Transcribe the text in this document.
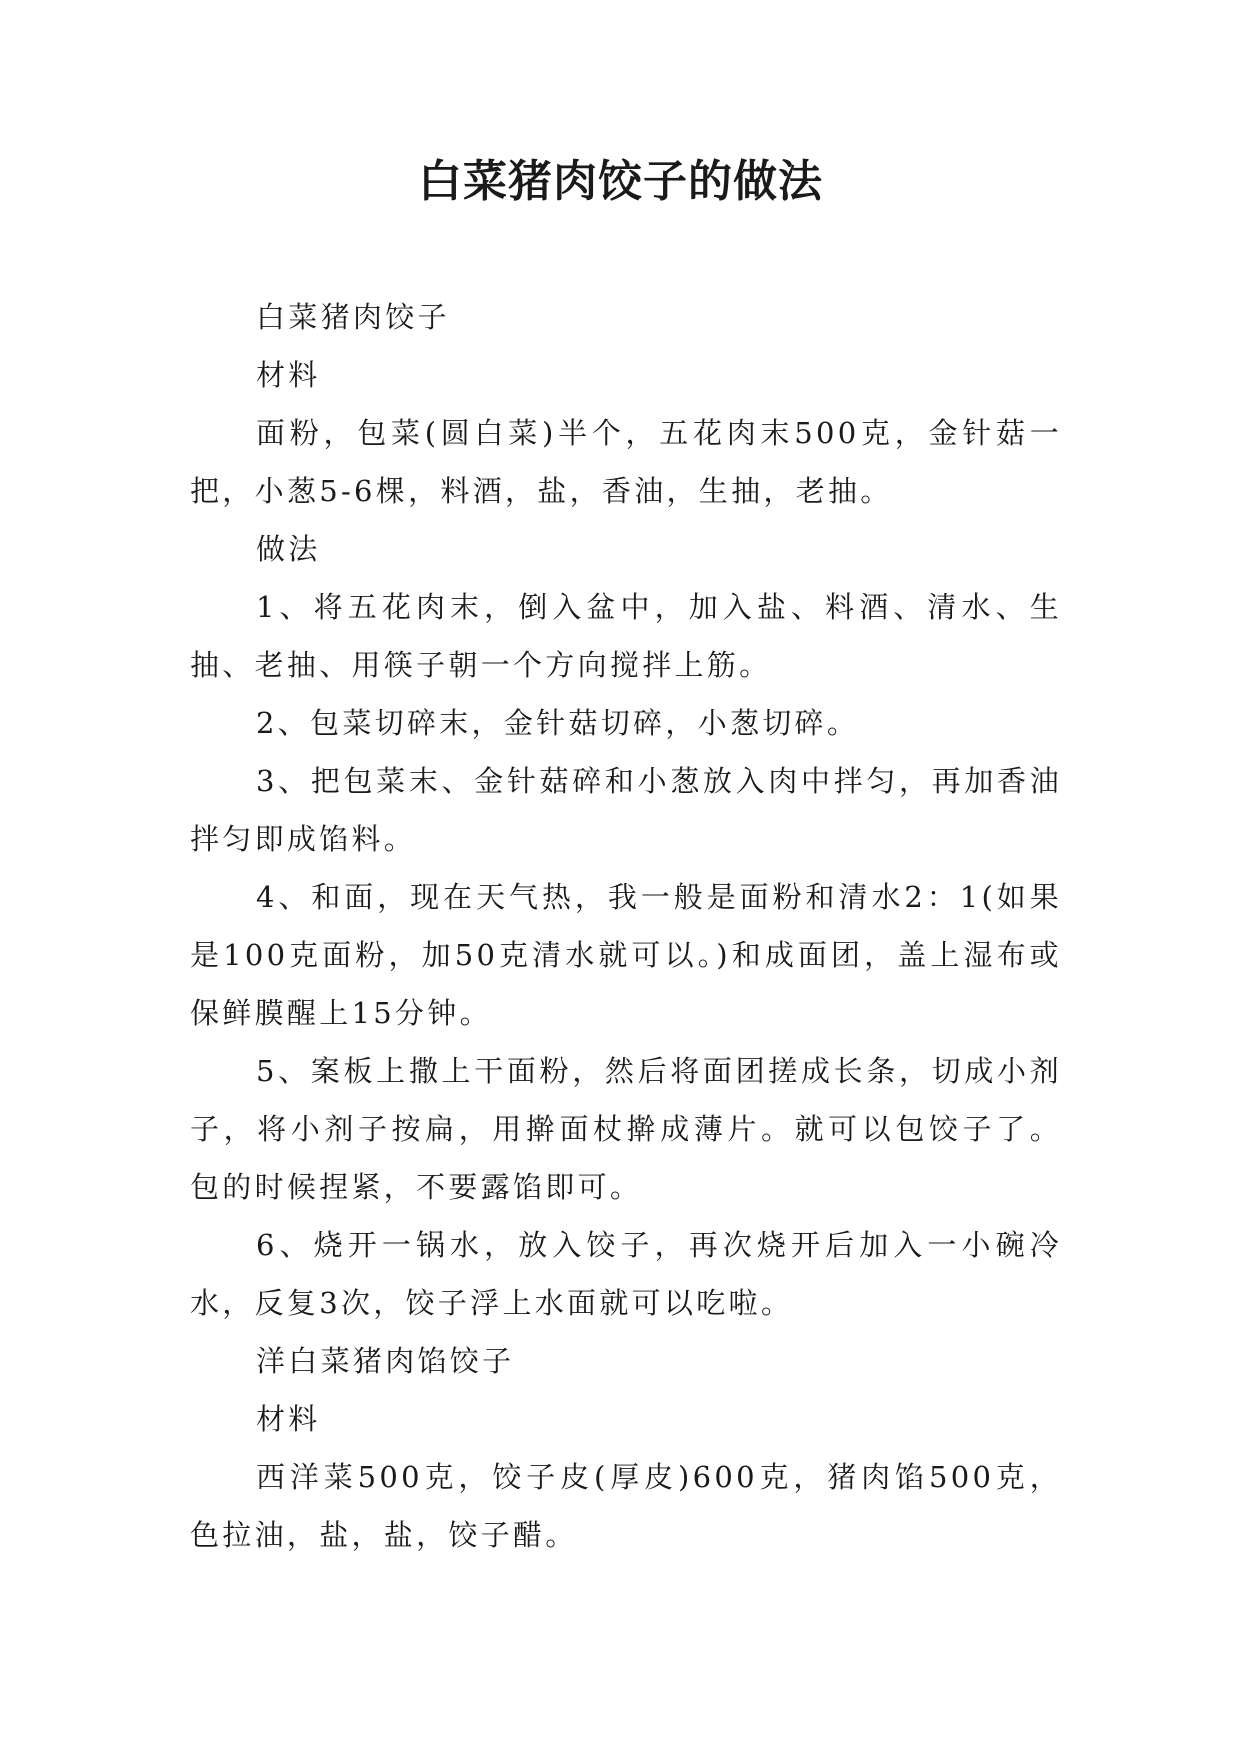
白菜猪肉饺子的做法

白菜猪肉饺子

材料

面粉，包菜(圆白菜)半个，五花肉末500克，金针菇一把，小葱5-6棵，料酒，盐，香油，生抽，老抽。

做法

1、将五花肉末，倒入盆中，加入盐、料酒、清水、生抽、老抽、用筷子朝一个方向搅拌上筋。

2、包菜切碎末，金针菇切碎，小葱切碎。

3、把包菜末、金针菇碎和小葱放入肉中拌匀，再加香油拌匀即成馅料。

4、和面，现在天气热，我一般是面粉和清水2：1(如果是100克面粉，加50克清水就可以。)和成面团，盖上湿布或保鲜膜醒上15分钟。

5、案板上撒上干面粉，然后将面团搓成长条，切成小剂子，将小剂子按扁，用擀面杖擀成薄片。就可以包饺子了。包的时候捏紧，不要露馅即可。

6、烧开一锅水，放入饺子，再次烧开后加入一小碗冷水，反复3次，饺子浮上水面就可以吃啦。

洋白菜猪肉馅饺子

材料

西洋菜500克，饺子皮(厚皮)600克，猪肉馅500克，色拉油，盐，盐，饺子醋。
